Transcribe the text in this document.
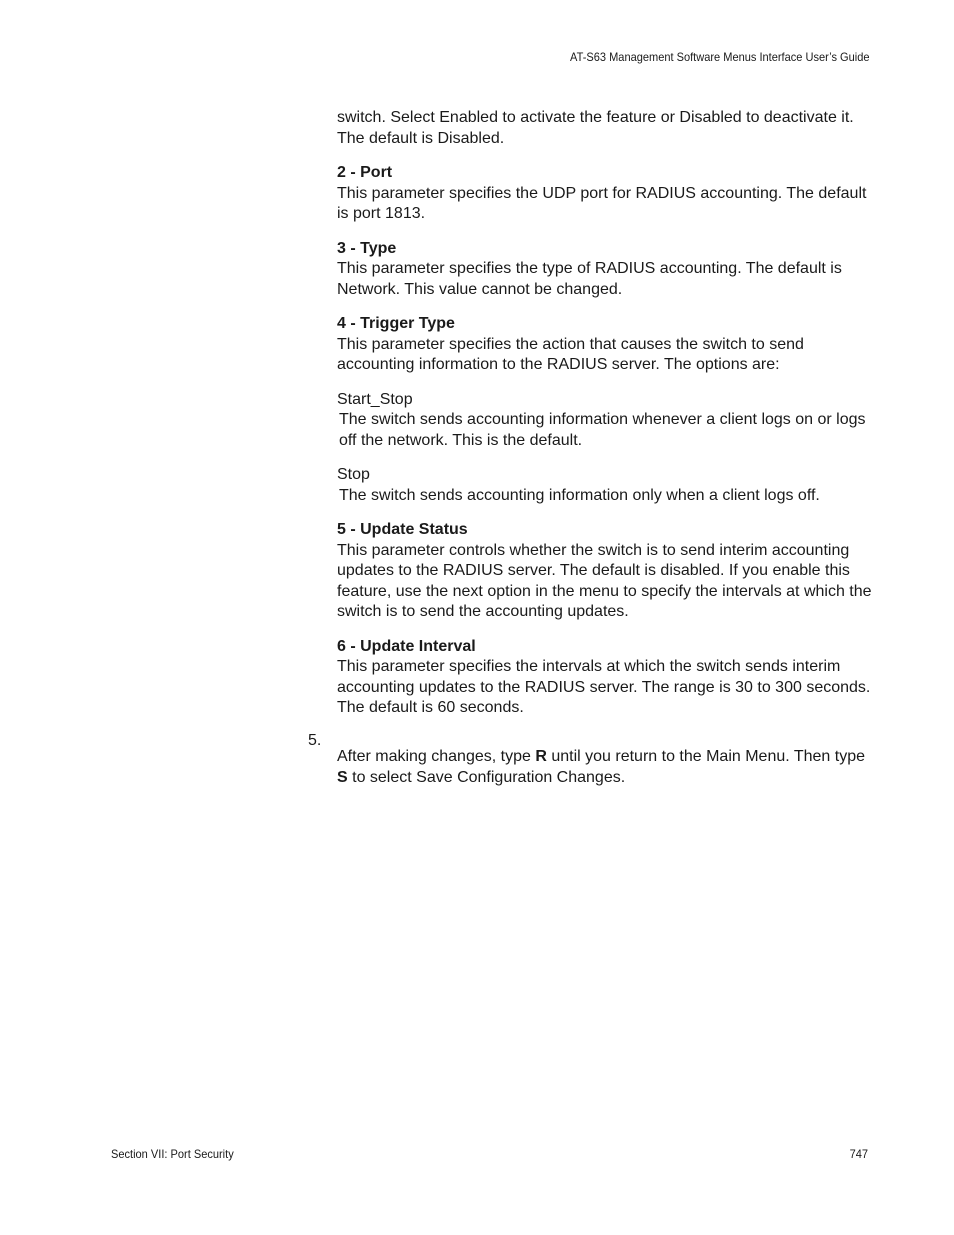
AT-S63 Management Software Menus Interface User’s Guide

switch. Select Enabled to activate the feature or Disabled to deactivate it. The default is Disabled.

2 - Port

This parameter specifies the UDP port for RADIUS accounting. The default is port 1813.

3 - Type

This parameter specifies the type of RADIUS accounting. The default is Network. This value cannot be changed.

4 - Trigger Type

This parameter specifies the action that causes the switch to send accounting information to the RADIUS server. The options are:

Start_Stop
The switch sends accounting information whenever a client logs on or logs off the network. This is the default.
Stop
The switch sends accounting information only when a client logs off.
5 - Update Status

This parameter controls whether the switch is to send interim accounting updates to the RADIUS server. The default is disabled. If you enable this feature, use the next option in the menu to specify the intervals at which the switch is to send the accounting updates.

6 - Update Interval

This parameter specifies the intervals at which the switch sends interim accounting updates to the RADIUS server. The range is 30 to 300 seconds. The default is 60 seconds.

5.

After making changes, type R until you return to the Main Menu. Then type S to select Save Configuration Changes.

Section VII: Port Security	747
